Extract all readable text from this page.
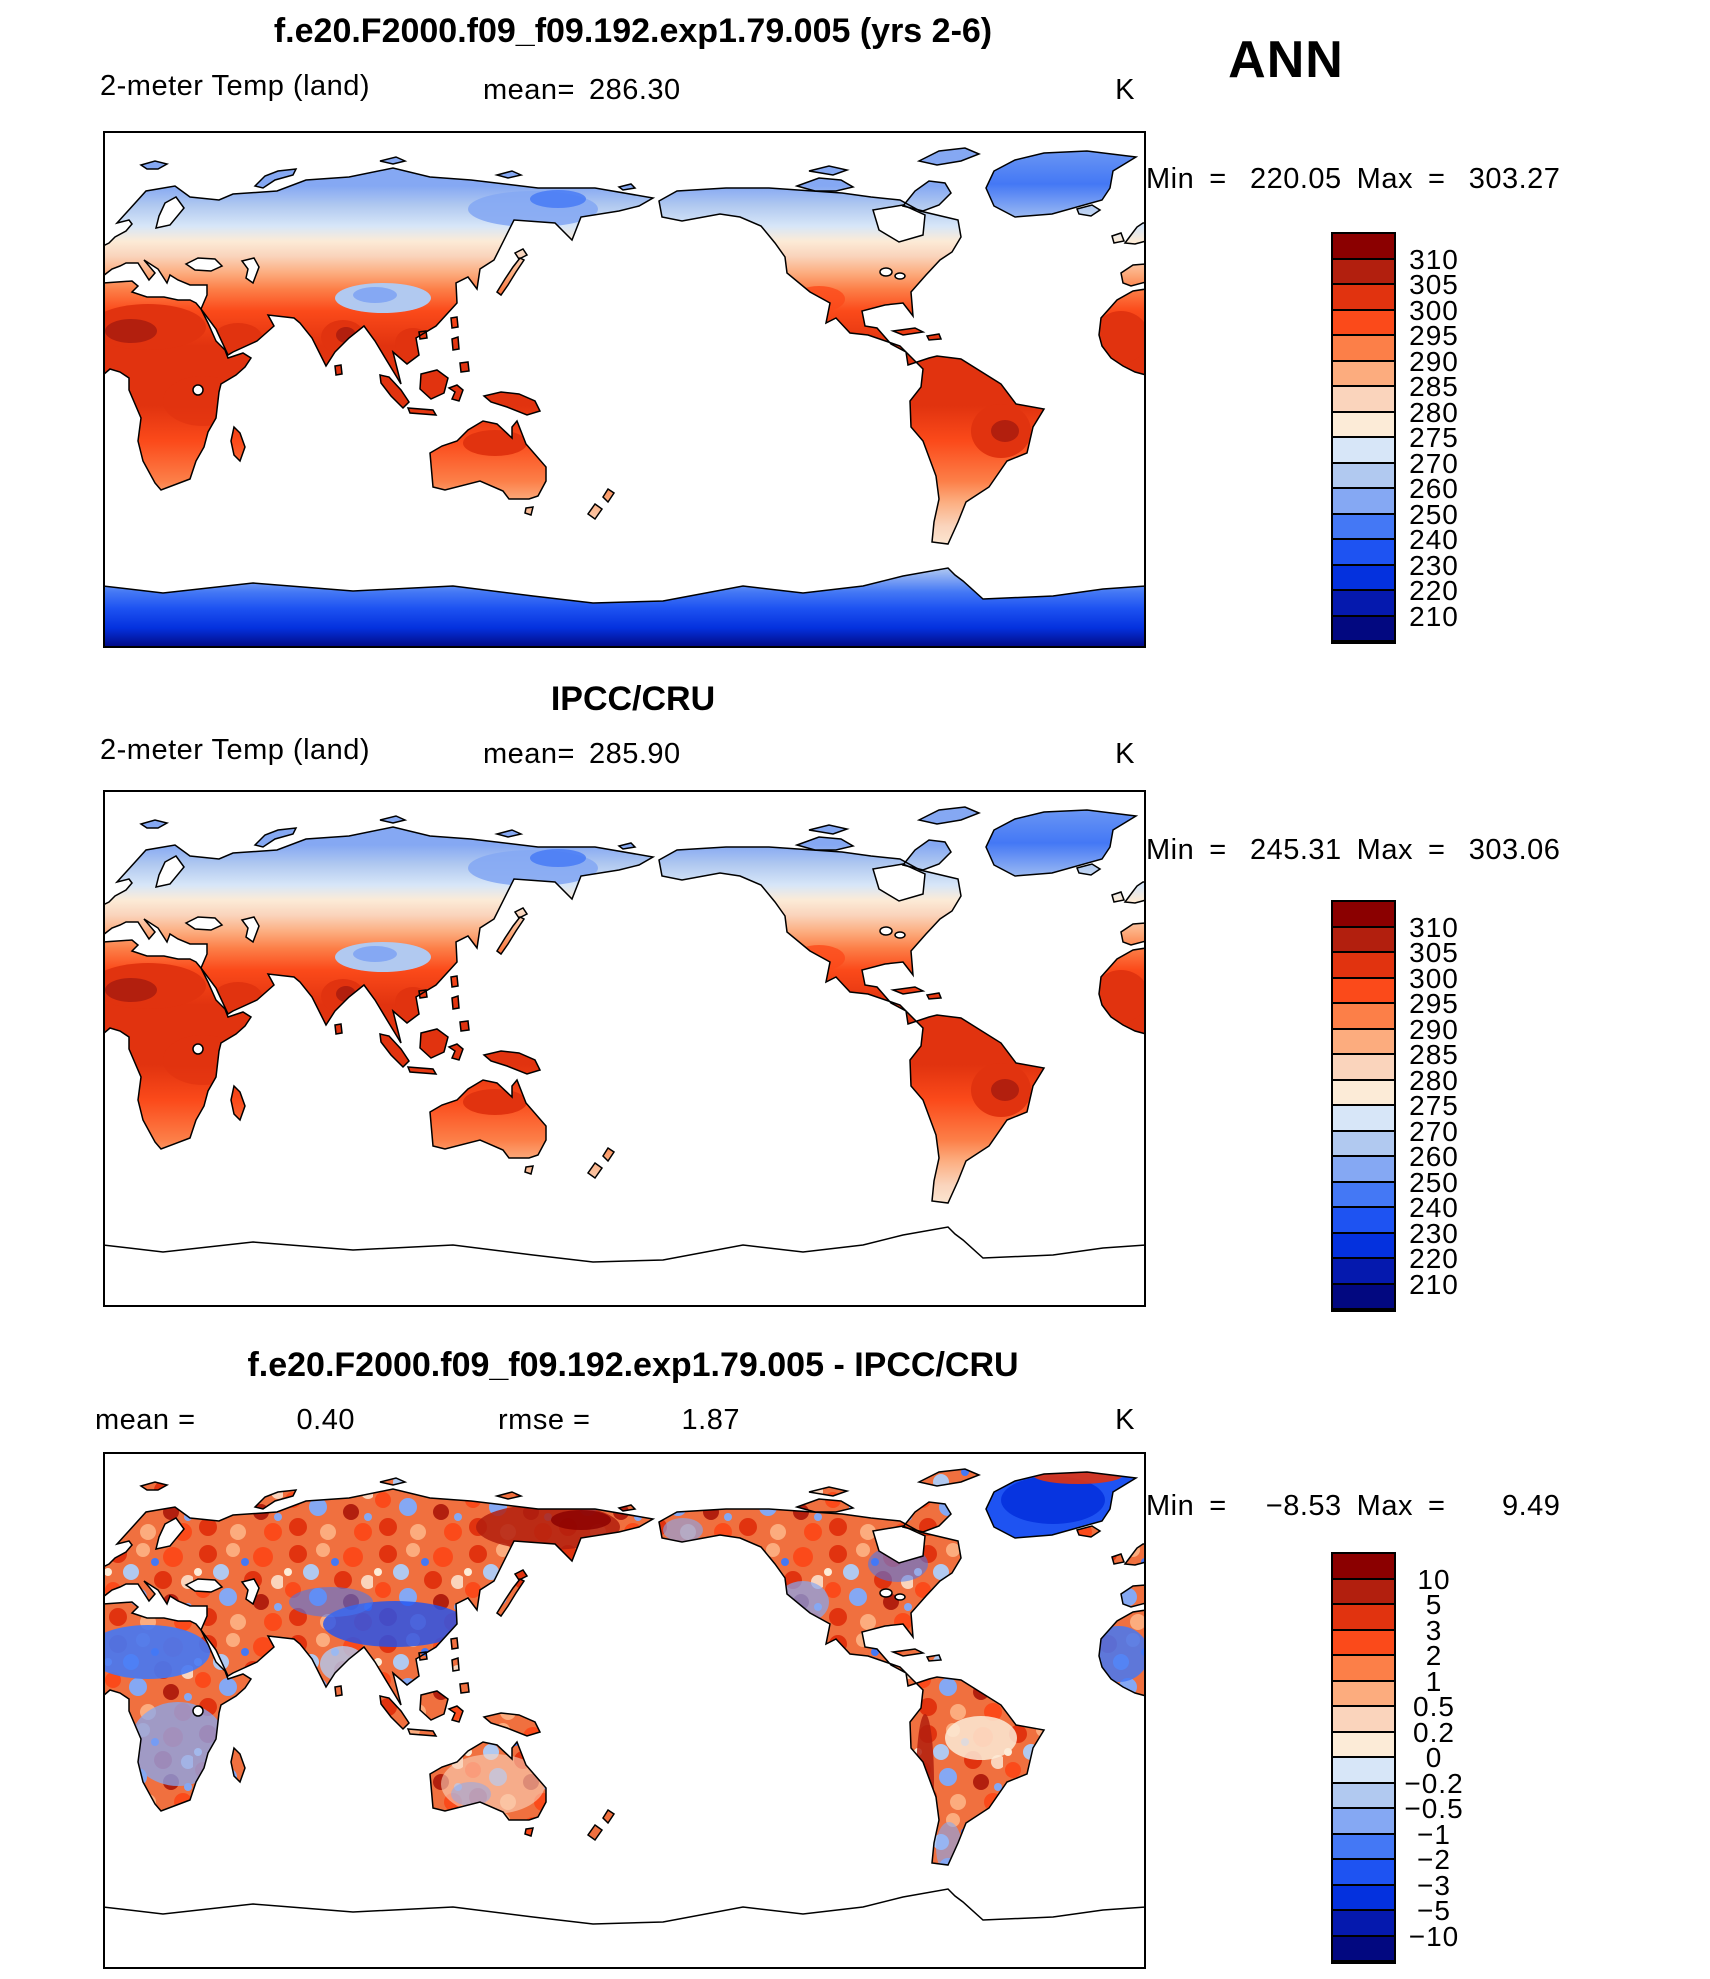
f.e20.F2000.f09_f09.192.exp1.79.005 (yrs 2-6)	ANN
2-meter Temp (land)	mean= 286.30	K
Min = 220.05 Max = 303.27
310
305
300
295
290
285
280
275
270
260
250
240
230
220
210
IPCC/CRU
2-meter Temp (land)	mean= 285.90	K
Min = 245.31 Max = 303.06
310
305
300
295
290
285
280
275
270
260
250
240
230
220
210
f.e20.F2000.f09_f09.192.exp1.79.005 - IPCC/CRU
mean =	0.40	rmse =	1.87	K
Min =	−8.53 Max =	9.49
10
5
3
2
1
0.5
0.2
0
−0.2
−0.5
−1
−2
−3
−5
−10
